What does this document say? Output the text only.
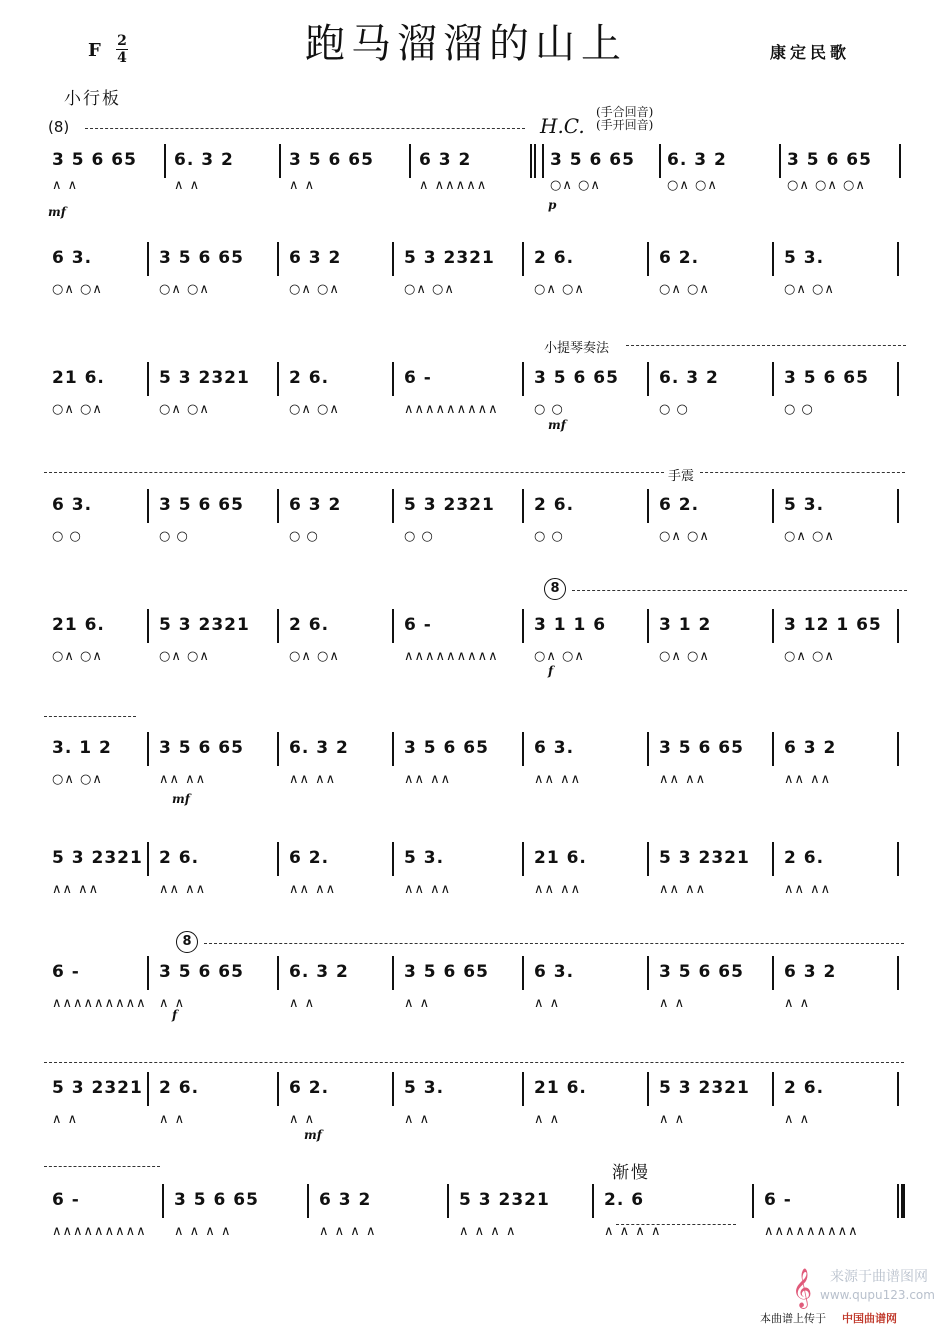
F 2
4	跑马溜溜的山上	康定民歌
小行板
(8)	H.C.
(手合回音)
(手开回音)
3 5 6 65
∧ ∧
6. 3 2
∧ ∧
3 5 6 65
∧ ∧
6 3 2
∧ ∧∧∧∧∧
3 5 6 65
○∧ ○∧
6. 3 2
○∧ ○∧
3 5 6 65
○∧ ○∧ ○∧
6 3.
○∧ ○∧
3 5 6 65
○∧ ○∧
6 3 2
○∧ ○∧
5 3 2321
○∧ ○∧
2 6.
○∧ ○∧
6 2.
○∧ ○∧
5 3.
○∧ ○∧
21 6.
○∧ ○∧
5 3 2321
○∧ ○∧
2 6.
○∧ ○∧
6 -
∧∧∧∧∧∧∧∧∧
3 5 6 65
○ ○
6. 3 2
○ ○
3 5 6 65
○ ○
6 3.
○ ○
3 5 6 65
○ ○
6 3 2
○ ○
5 3 2321
○ ○
2 6.
○ ○
6 2.
○∧ ○∧
5 3.
○∧ ○∧
21 6.
○∧ ○∧
5 3 2321
○∧ ○∧
2 6.
○∧ ○∧
6 -
∧∧∧∧∧∧∧∧∧
3 1 1 6
○∧ ○∧
3 1 2
○∧ ○∧
3 12 1 65
○∧ ○∧
3. 1 2
○∧ ○∧
3 5 6 65
∧∧ ∧∧
6. 3 2
∧∧ ∧∧
3 5 6 65
∧∧ ∧∧
6 3.
∧∧ ∧∧
3 5 6 65
∧∧ ∧∧
6 3 2
∧∧ ∧∧
5 3 2321
∧∧ ∧∧
2 6.
∧∧ ∧∧
6 2.
∧∧ ∧∧
5 3.
∧∧ ∧∧
21 6.
∧∧ ∧∧
5 3 2321
∧∧ ∧∧
2 6.
∧∧ ∧∧
6 -
∧∧∧∧∧∧∧∧∧
3 5 6 65
∧ ∧
6. 3 2
∧ ∧
3 5 6 65
∧ ∧
6 3.
∧ ∧
3 5 6 65
∧ ∧
6 3 2
∧ ∧
5 3 2321
∧ ∧
2 6.
∧ ∧
6 2.
∧ ∧
5 3.
∧ ∧
21 6.
∧ ∧
5 3 2321
∧ ∧
2 6.
∧ ∧
6 -
∧∧∧∧∧∧∧∧∧
3 5 6 65
∧ ∧ ∧ ∧
6 3 2
∧ ∧ ∧ ∧
5 3 2321
∧ ∧ ∧ ∧
2. 6
∧ ∧ ∧ ∧
6 -
∧∧∧∧∧∧∧∧∧
mf	p
小提琴奏法
mf
手震
8
f
mf
8
f
mf
渐慢
本曲谱上传于 中国曲谱网
来源于曲谱图网
www.qupu123.com
𝄞
